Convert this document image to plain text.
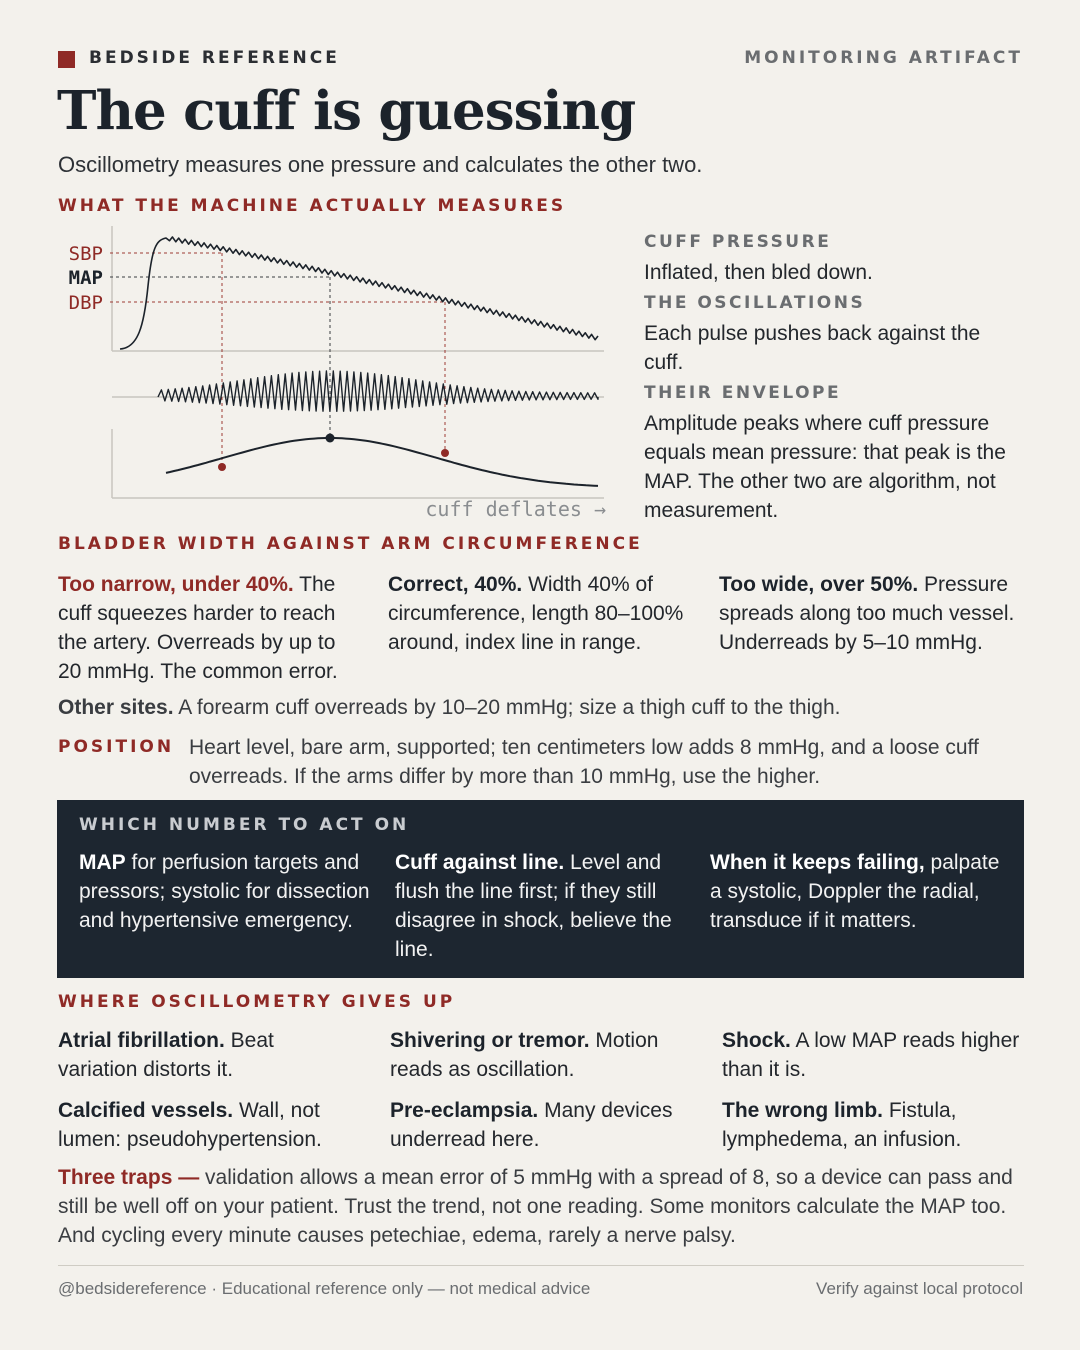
BEDSIDE REFERENCE	MONITORING ARTIFACT
The cuff is guessing
Oscillometry measures one pressure and calculates the other two.
WHAT THE MACHINE ACTUALLY MEASURES
SBP
MAP
DBP
cuff deflates →
CUFF PRESSURE
Inflated, then bled down.
THE OSCILLATIONS
Each pulse pushes back against the cuff.
THEIR ENVELOPE
Amplitude peaks where cuff pressure equals mean pressure: that peak is the MAP. The other two are algorithm, not measurement.
BLADDER WIDTH AGAINST ARM CIRCUMFERENCE
Too narrow, under 40%. The cuff squeezes harder to reach the artery. Overreads by up to 20 mmHg. The common error.
Correct, 40%. Width 40% of circumference, length 80–100% around, index line in range.
Too wide, over 50%. Pressure spreads along too much vessel. Underreads by 5–10 mmHg.
Other sites. A forearm cuff overreads by 10–20 mmHg; size a thigh cuff to the thigh.
POSITION Heart level, bare arm, supported; ten centimeters low adds 8 mmHg, and a loose cuff overreads. If the arms differ by more than 10 mmHg, use the higher.
WHICH NUMBER TO ACT ON
MAP for perfusion targets and pressors; systolic for dissection and hypertensive emergency.
Cuff against line. Level and flush the line first; if they still disagree in shock, believe the line.
When it keeps failing, palpate a systolic, Doppler the radial, transduce if it matters.
WHERE OSCILLOMETRY GIVES UP
Atrial fibrillation. Beat variation distorts it.
Shivering or tremor. Motion reads as oscillation.
Shock. A low MAP reads higher than it is.
Calcified vessels. Wall, not lumen: pseudohypertension.
Pre-eclampsia. Many devices underread here.
The wrong limb. Fistula, lymphedema, an infusion.
Three traps — validation allows a mean error of 5 mmHg with a spread of 8, so a device can pass and still be well off on your patient. Trust the trend, not one reading. Some monitors calculate the MAP too. And cycling every minute causes petechiae, edema, rarely a nerve palsy.
@bedsidereference · Educational reference only — not medical advice	Verify against local protocol
